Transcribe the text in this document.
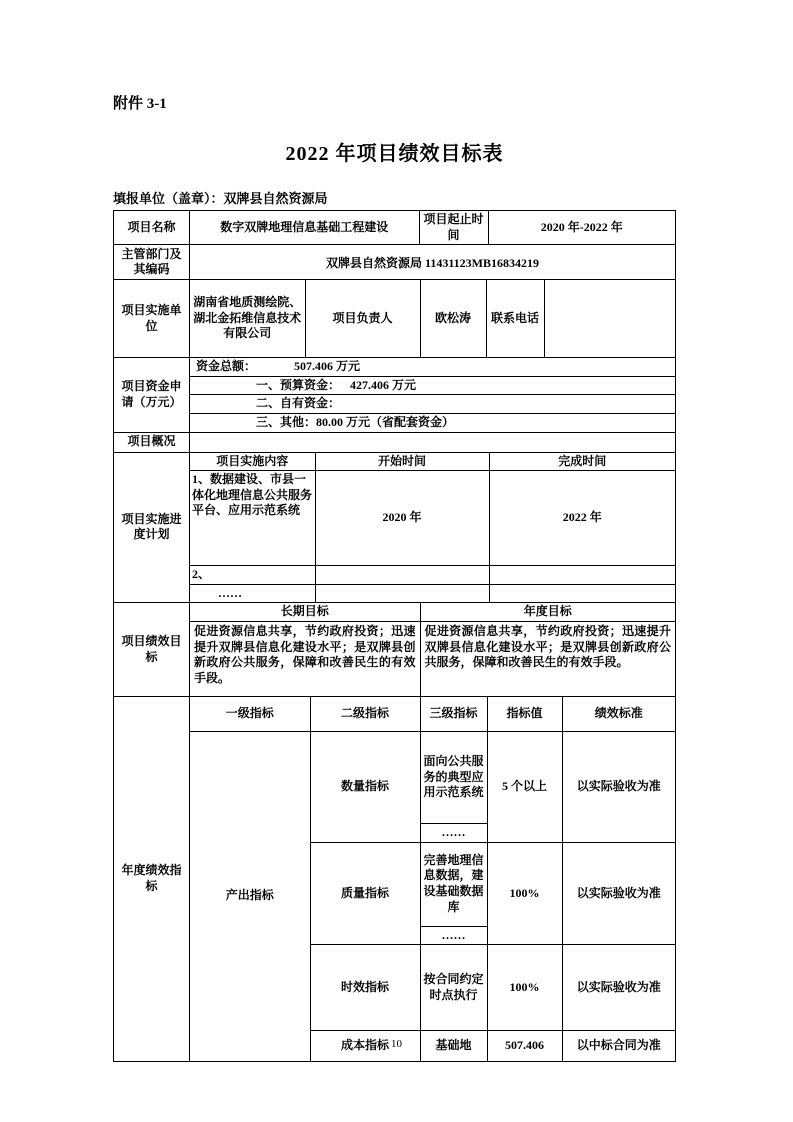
附件 3-1
2022 年项目绩效目标表
填报单位（盖章）：双牌县自然资源局
项目名称		数字双牌地理信息基础工程建设	项目起止时间	2020 年-2022 年

主管部门及其编码	双牌县自然资源局 11431123MB16834219
项目实施单位	
湖南省地质测绘院、湖北金拓维信息技术有限公司	项目负责人	欧松涛	联系电话	

项目资金申请（万元）	
资金总额：	507.406 万元
一、预算资金： 427.406 万元
二、自有资金：
三、其他：80.00 万元（省配套资金）

项目概况	
项目实施进度计划	
项目实施内容	开始时间	完成时间
1、数据建设、市县一体化地理信息公共服务平台、应用示范系统	2020 年	2022 年
2、		
……		

项目绩效目标	
长期目标	年度目标
促进资源信息共享，节约政府投资；迅速提升双牌县信息化建设水平；是双牌县创新政府公共服务，保障和改善民生的有效手段。	促进资源信息共享，节约政府投资；迅速提升双牌县信息化建设水平；是双牌县创新政府公共服务，保障和改善民生的有效手段。

年度绩效指标	
一级指标	二级指标	三级指标	指标值	绩效标准
产出指标	数量指标	面向公共服务的典型应用示范系统	5 个以上	以实际验收为准
……
质量指标	完善地理信息数据，建设基础数据库	100%	以实际验收为准
……
时效指标	按合同约定时点执行	100%	以实际验收为准
成本指标	基础地	507.406	以中标合同为准
10
